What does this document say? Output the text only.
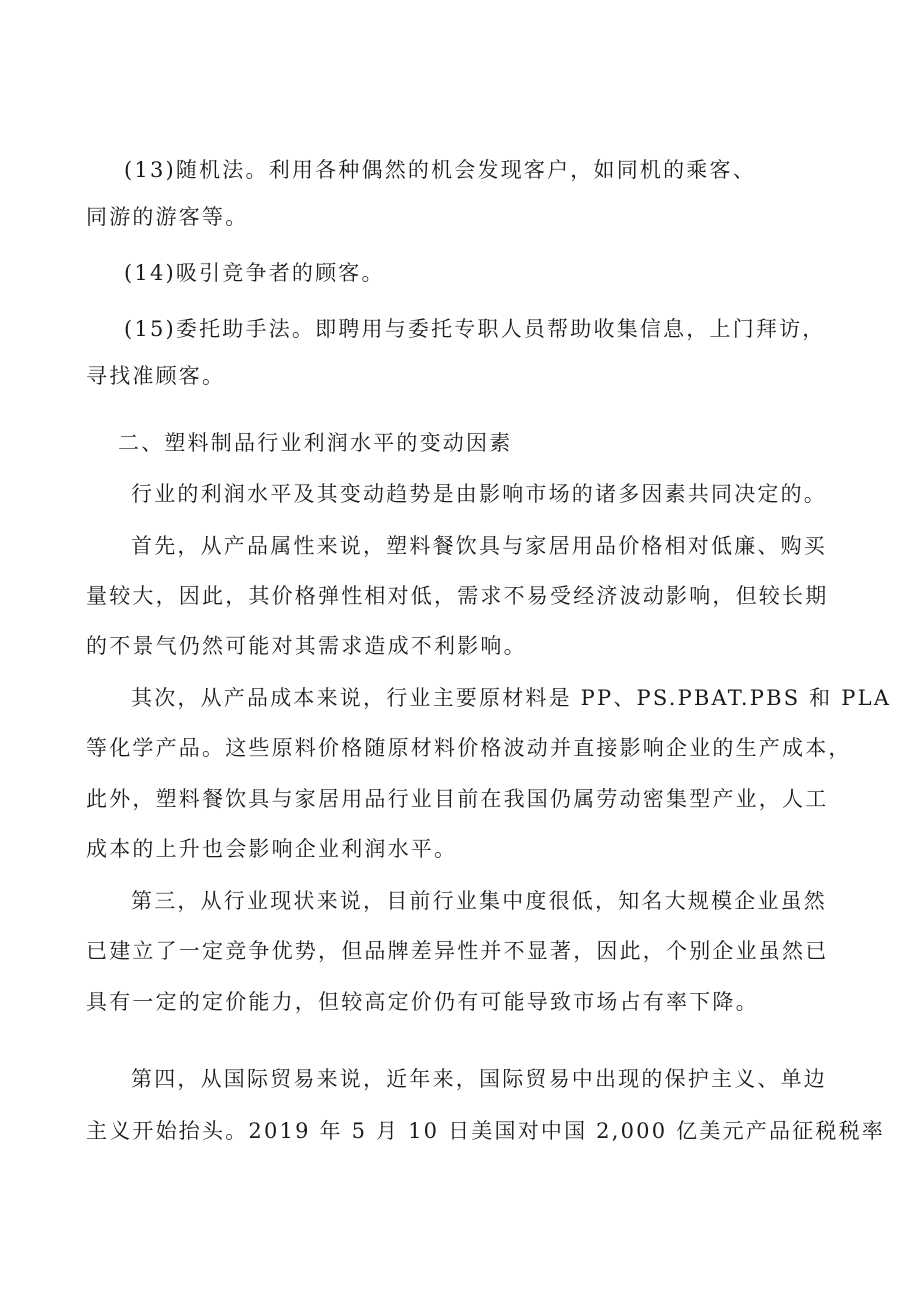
(13)随机法。利用各种偶然的机会发现客户，如同机的乘客、
同游的游客等。
(14)吸引竞争者的顾客。
(15)委托助手法。即聘用与委托专职人员帮助收集信息，上门拜访，
寻找准顾客。
二、塑料制品行业利润水平的变动因素
行业的利润水平及其变动趋势是由影响市场的诸多因素共同决定的。
首先，从产品属性来说，塑料餐饮具与家居用品价格相对低廉、购买
量较大，因此，其价格弹性相对低，需求不易受经济波动影响，但较长期
的不景气仍然可能对其需求造成不利影响。
其次，从产品成本来说，行业主要原材料是 PP、PS.PBAT.PBS 和 PLA
等化学产品。这些原料价格随原材料价格波动并直接影响企业的生产成本，
此外，塑料餐饮具与家居用品行业目前在我国仍属劳动密集型产业，人工
成本的上升也会影响企业利润水平。
第三，从行业现状来说，目前行业集中度很低，知名大规模企业虽然
已建立了一定竞争优势，但品牌差异性并不显著，因此，个别企业虽然已
具有一定的定价能力，但较高定价仍有可能导致市场占有率下降。
第四，从国际贸易来说，近年来，国际贸易中出现的保护主义、单边
主义开始抬头。2019 年 5 月 10 日美国对中国 2,000 亿美元产品征税税率
